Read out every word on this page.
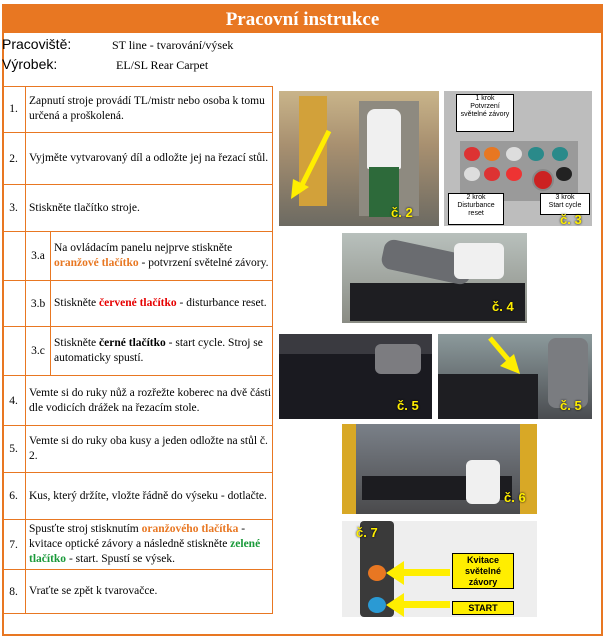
Pracovní instrukce
Pracoviště:	ST line - tvarování/výsek
Výrobek:	EL/SL Rear Carpet
1.
Zapnutí stroje provádí TL/mistr nebo osoba k tomu určená a proškolená.
2. Vyjměte vytvarovaný díl a odložte jej na řezací stůl.
3. Stiskněte tlačítko stroje.
3.a
Na ovládacím panelu nejprve stiskněte oranžové tlačítko - potvrzení světelné závory.
3.b Stiskněte červené tlačítko - disturbance reset.
3.c
Stiskněte černé tlačítko - start cycle. Stroj se automaticky spustí.
4.
Vemte si do ruky nůž a rozřežte koberec na dvě části dle vodicích drážek na řezacím stole.
5.
Vemte si do ruky oba kusy a jeden odložte na stůl č. 2.
6. Kus, který držíte, vložte řádně do výseku - dotlačte.
7.
Spusťte stroj stisknutím oranžového tlačítka - kvitace optické závory a následně stiskněte zelené tlačítko - start. Spustí se výsek.
8. Vraťte se zpět k tvarovačce.
č. 2
1 krok
Potvrzení světelné závory
2 krok
Disturbance reset
3 krok
Start cycle
č. 3
č. 4
č. 5	č. 5
č. 6
Kvitace světelné závory
START
č. 7
